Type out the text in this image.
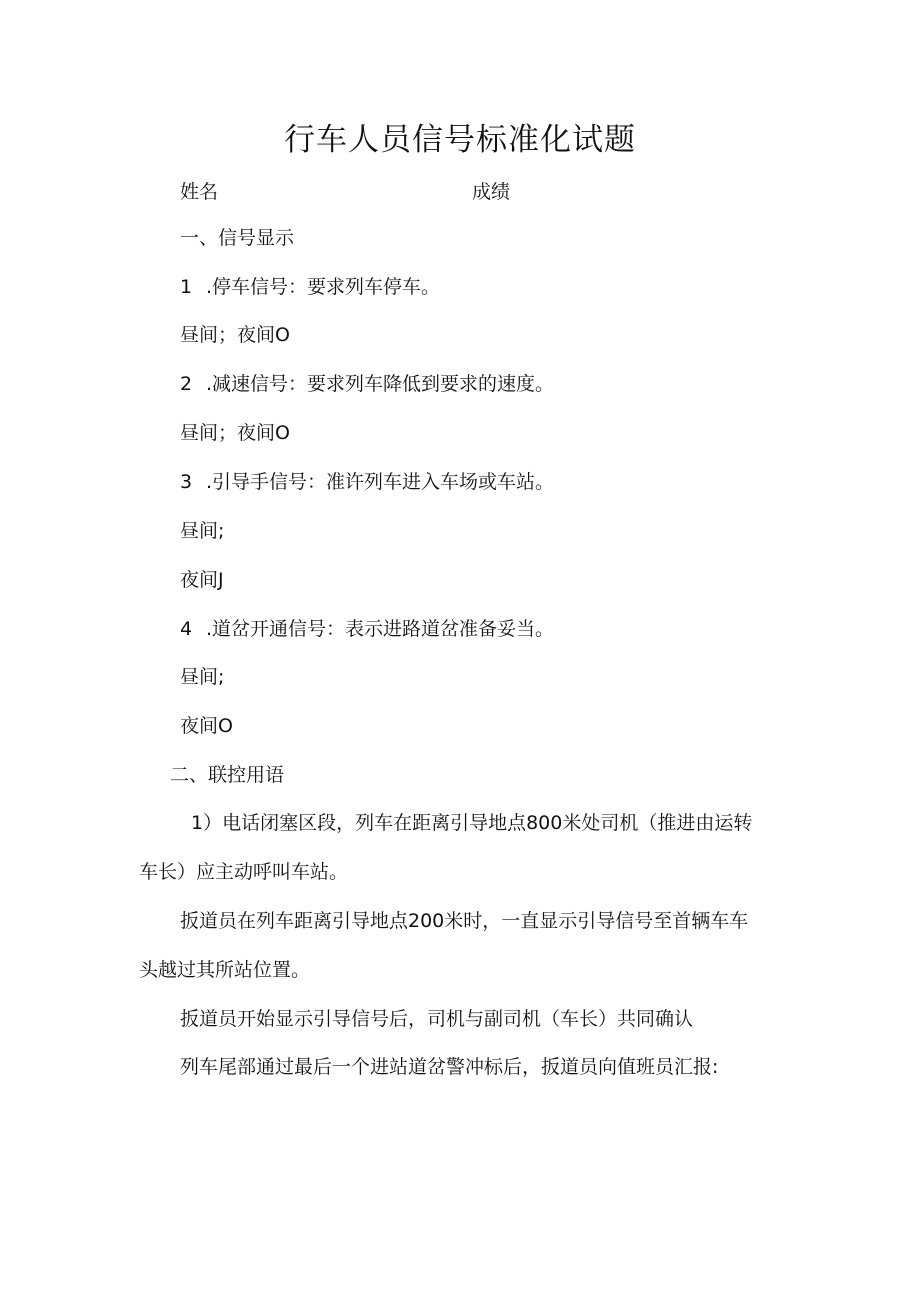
行车人员信号标准化试题
姓名	成绩
一、信号显示
1 .停车信号：要求列车停车。
昼间；夜间O
2 .减速信号：要求列车降低到要求的速度。
昼间；夜间O
3 .引导手信号：准许列车进入车场或车站。
昼间;
夜间J
4 .道岔开通信号：表示进路道岔准备妥当。
昼间;
夜间O
二、联控用语
1）电话闭塞区段，列车在距离引导地点800米处司机（推进由运转
车长）应主动呼叫车站。
扳道员在列车距离引导地点200米时，一直显示引导信号至首辆车车
头越过其所站位置。
扳道员开始显示引导信号后，司机与副司机（车长）共同确认
列车尾部通过最后一个进站道岔警冲标后，扳道员向值班员汇报:
